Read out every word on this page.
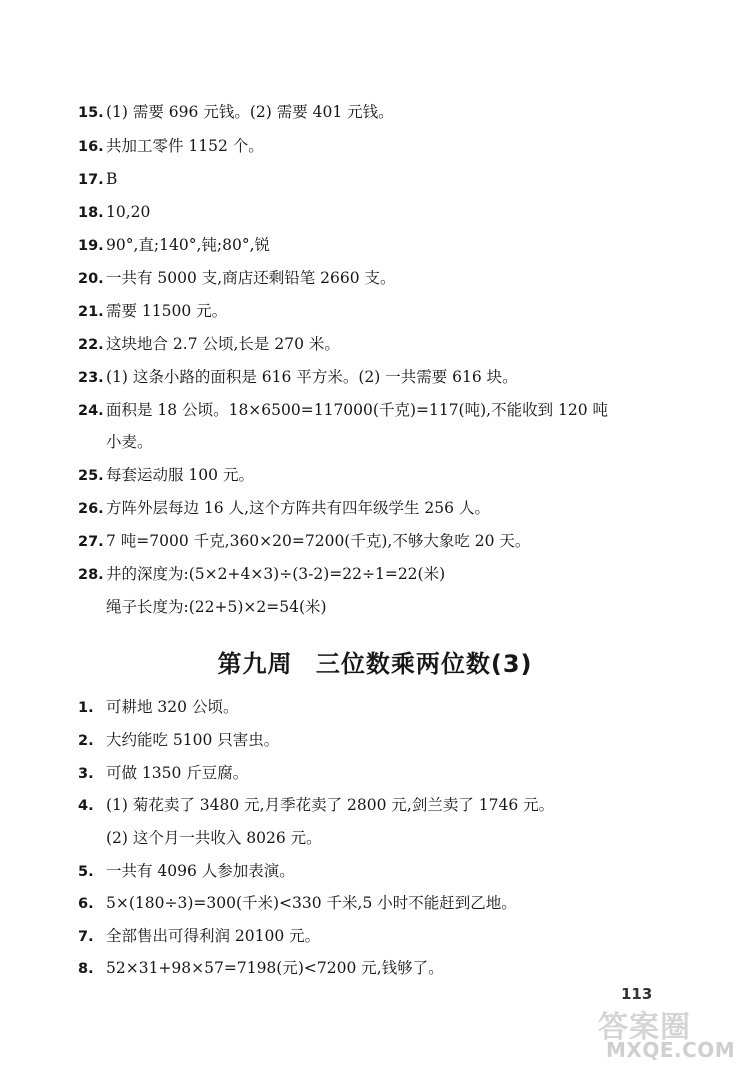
15. (1) 需要 696 元钱。(2) 需要 401 元钱。
16. 共加工零件 1152 个。
17. B
18. 10,20
19. 90°,直;140°,钝;80°,锐
20. 一共有 5000 支,商店还剩铅笔 2660 支。
21. 需要 11500 元。
22. 这块地合 2.7 公顷,长是 270 米。
23. (1) 这条小路的面积是 616 平方米。(2) 一共需要 616 块。
24. 面积是 18 公顷。18×6500=117000(千克)=117(吨),不能收到 120 吨
小麦。
25. 每套运动服 100 元。
26. 方阵外层每边 16 人,这个方阵共有四年级学生 256 人。
27. 7 吨=7000 千克,360×20=7200(千克),不够大象吃 20 天。
28. 井的深度为:(5×2+4×3)÷(3-2)=22÷1=22(米)
绳子长度为:(22+5)×2=54(米)
第九周 三位数乘两位数(3)
1. 可耕地 320 公顷。
2. 大约能吃 5100 只害虫。
3. 可做 1350 斤豆腐。
4. (1) 菊花卖了 3480 元,月季花卖了 2800 元,剑兰卖了 1746 元。
(2) 这个月一共收入 8026 元。
5. 一共有 4096 人参加表演。
6. 5×(180÷3)=300(千米)<330 千米,5 小时不能赶到乙地。
7. 全部售出可得利润 20100 元。
8. 52×31+98×57=7198(元)<7200 元,钱够了。
113
答案圈
MXQE.COM
